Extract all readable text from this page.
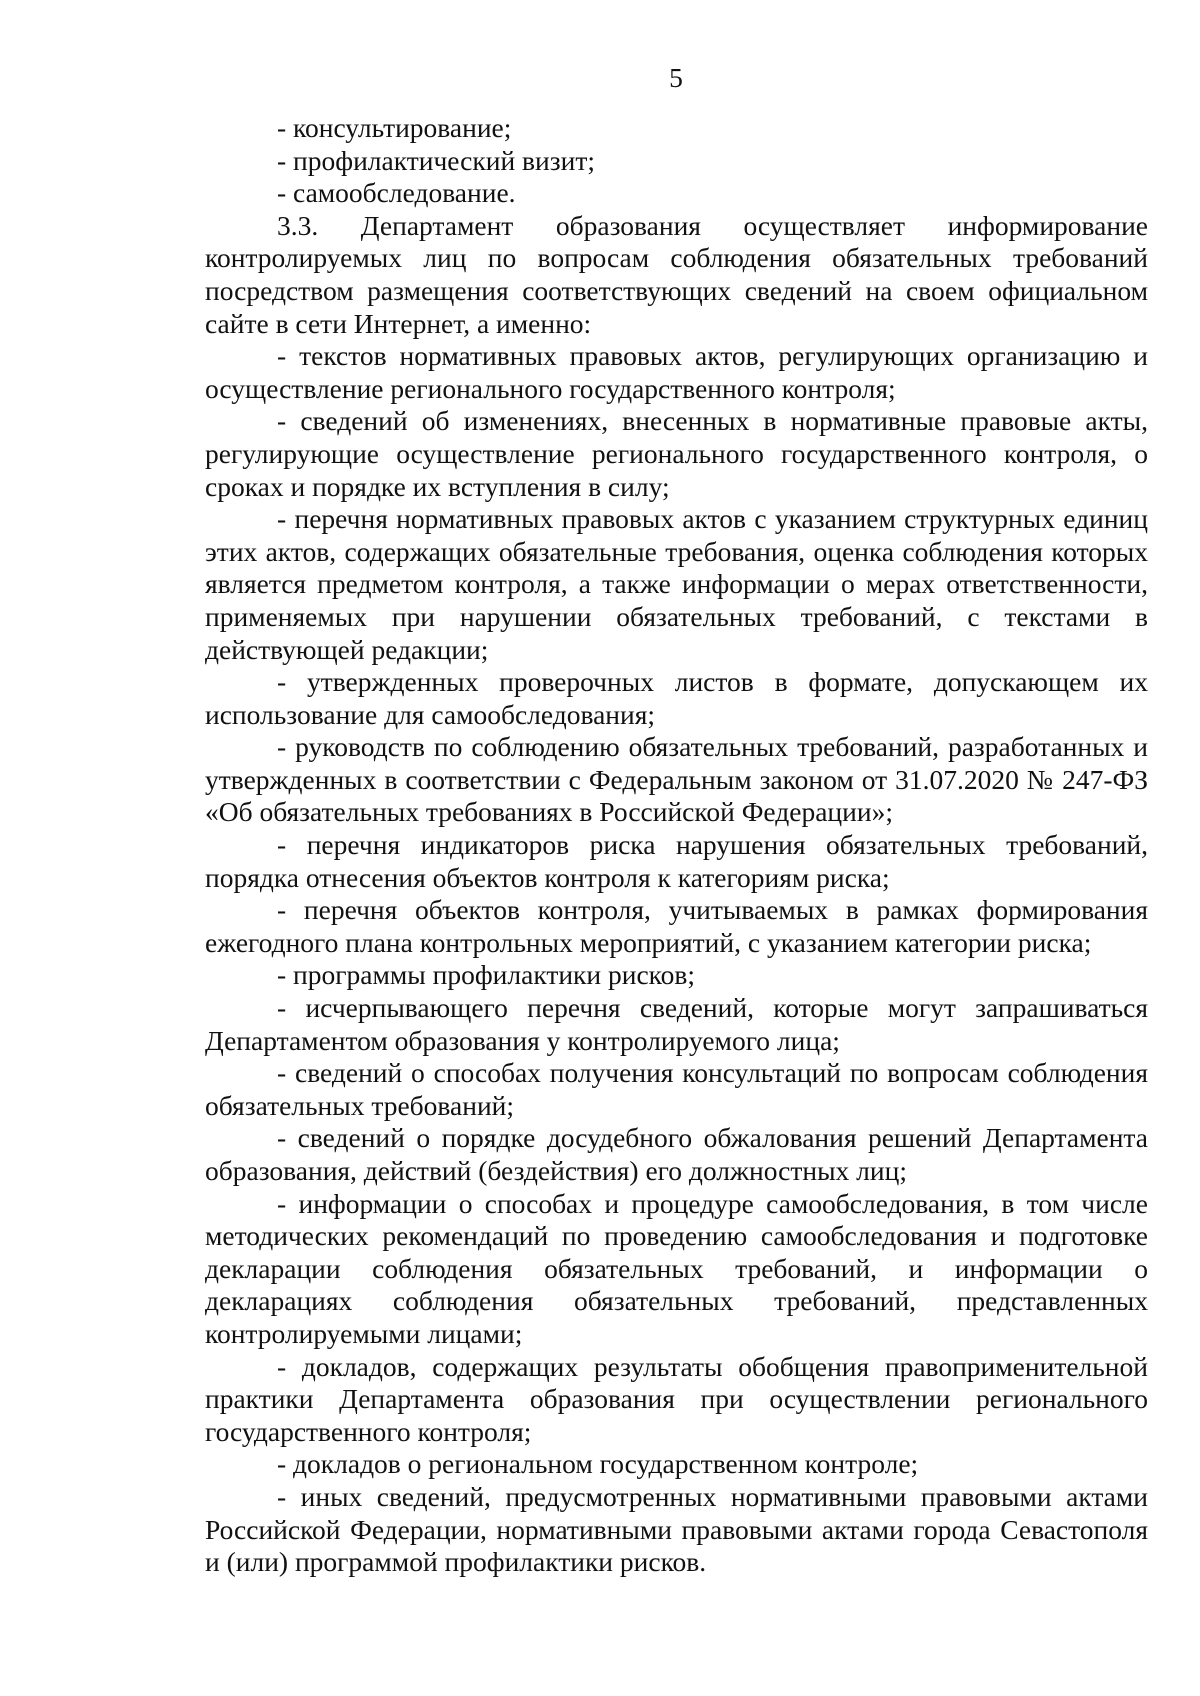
5

- консультирование;

- профилактический визит;

- самообследование.

3.3. Департамент образования осуществляет информирование контролируемых лиц по вопросам соблюдения обязательных требований посредством размещения соответствующих сведений на своем официальном сайте в сети Интернет, а именно:

- текстов нормативных правовых актов, регулирующих организацию и осуществление регионального государственного контроля;

- сведений об изменениях, внесенных в нормативные правовые акты, регулирующие осуществление регионального государственного контроля, о сроках и порядке их вступления в силу;

- перечня нормативных правовых актов с указанием структурных единиц этих актов, содержащих обязательные требования, оценка соблюдения которых является предметом контроля, а также информации о мерах ответственности, применяемых при нарушении обязательных требований, с текстами в действующей редакции;

- утвержденных проверочных листов в формате, допускающем их использование для самообследования;

- руководств по соблюдению обязательных требований, разработанных и утвержденных в соответствии с Федеральным законом от 31.07.2020 № 247-ФЗ «Об обязательных требованиях в Российской Федерации»;

- перечня индикаторов риска нарушения обязательных требований, порядка отнесения объектов контроля к категориям риска;

- перечня объектов контроля, учитываемых в рамках формирования ежегодного плана контрольных мероприятий, с указанием категории риска;

- программы профилактики рисков;

- исчерпывающего перечня сведений, которые могут запрашиваться Департаментом образования у контролируемого лица;

- сведений о способах получения консультаций по вопросам соблюдения обязательных требований;

- сведений о порядке досудебного обжалования решений Департамента образования, действий (бездействия) его должностных лиц;

- информации о способах и процедуре самообследования, в том числе методических рекомендаций по проведению самообследования и подготовке декларации соблюдения обязательных требований, и информации о декларациях соблюдения обязательных требований, представленных контролируемыми лицами;

- докладов, содержащих результаты обобщения правоприменительной практики Департамента образования при осуществлении регионального государственного контроля;

- докладов о региональном государственном контроле;

- иных сведений, предусмотренных нормативными правовыми актами Российской Федерации, нормативными правовыми актами города Севастополя и (или) программой профилактики рисков.
